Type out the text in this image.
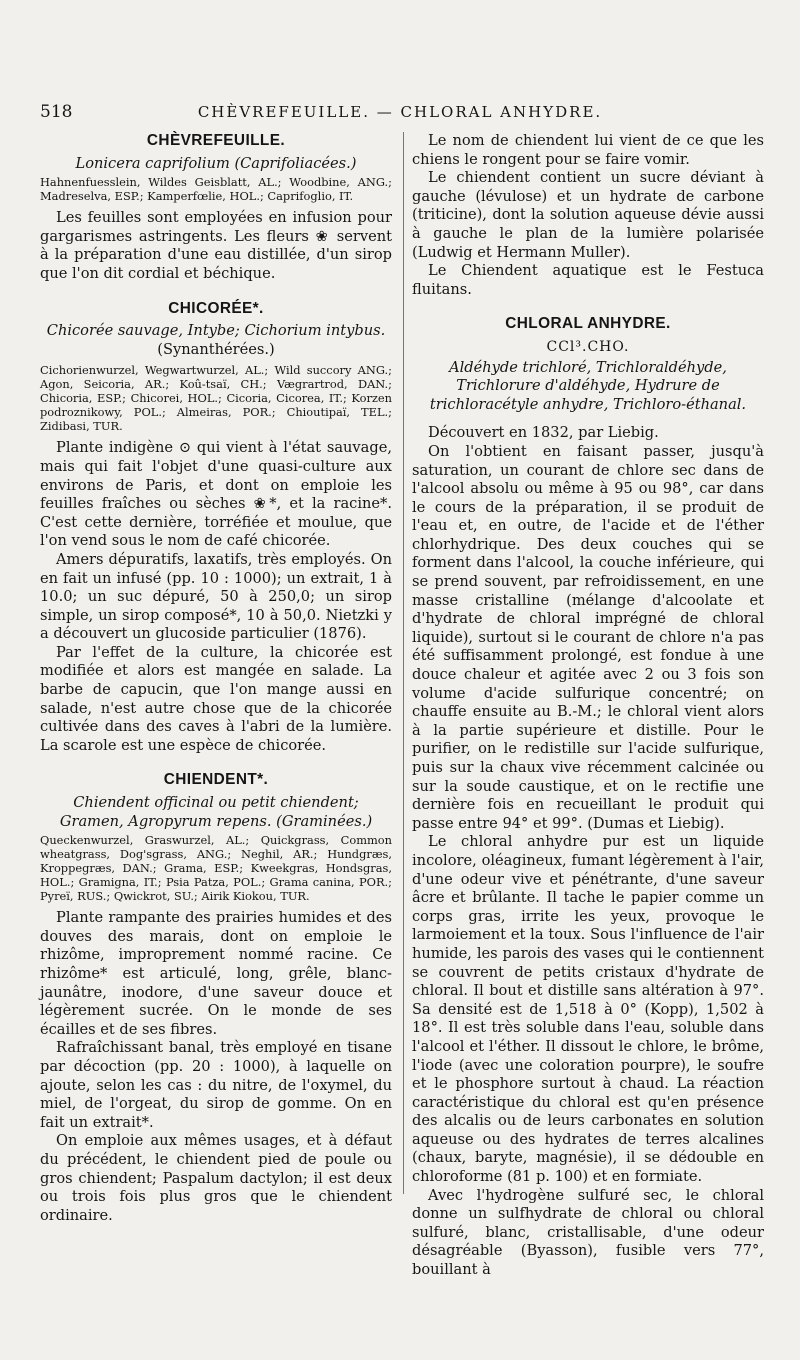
518	CHÈVREFEUILLE. — CHLORAL ANHYDRE.
CHÈVREFEUILLE.

Lonicera caprifolium (Caprifoliacées.)

Hahnenfuesslein, Wildes Geisblatt, AL.; Woodbine, ANG.; Madreselva, ESP.; Kamperfœlie, HOL.; Caprifoglio, IT.

Les feuilles sont employées en infusion pour gargarismes astringents. Les fleurs ❀ servent à la préparation d'une eau distillée, d'un sirop que l'on dit cordial et béchique.

CHICORÉE*.

Chicorée sauvage, Intybe; Cichorium intybus.

(Synanthérées.)

Cichorienwurzel, Wegwartwurzel, AL.; Wild succory ANG.; Agon, Seicoria, AR.; Koû-tsaï, CH.; Vægrartrod, DAN.; Chicoria, ESP.; Chicorei, HOL.; Cicoria, Cicorea, IT.; Korzen podroznikowy, POL.; Almeiras, POR.; Chioutipaï, TEL.; Zidibasi, TUR.

Plante indigène ⊙ qui vient à l'état sauvage, mais qui fait l'objet d'une quasi-culture aux environs de Paris, et dont on emploie les feuilles fraîches ou sèches ❀*, et la racine*. C'est cette dernière, torréfiée et moulue, que l'on vend sous le nom de café chicorée.

Amers dépuratifs, laxatifs, très employés. On en fait un infusé (pp. 10 : 1000); un extrait, 1 à 10.0; un suc dépuré, 50 à 250,0; un sirop simple, un sirop composé*, 10 à 50,0. Nietzki y a découvert un glucoside particulier (1876).

Par l'effet de la culture, la chicorée est modifiée et alors est mangée en salade. La barbe de capucin, que l'on mange aussi en salade, n'est autre chose que de la chicorée cultivée dans des caves à l'abri de la lumière. La scarole est une espèce de chicorée.

CHIENDENT*.

Chiendent officinal ou petit chiendent; Gramen, Agropyrum repens. (Graminées.)

Queckenwurzel, Graswurzel, AL.; Quickgrass, Common wheatgrass, Dog'sgrass, ANG.; Neghil, AR.; Hundgræs, Kroppegræs, DAN.; Grama, ESP.; Kweekgras, Hondsgras, HOL.; Gramigna, IT.; Psia Patza, POL.; Grama canina, POR.; Pyreï, RUS.; Qwickrot, SU.; Airik Kiokou, TUR.

Plante rampante des prairies humides et des douves des marais, dont on emploie le rhizôme, improprement nommé racine. Ce rhizôme* est articulé, long, grêle, blanc-jaunâtre, inodore, d'une saveur douce et légèrement sucrée. On le monde de ses écailles et de ses fibres.

Rafraîchissant banal, très employé en tisane par décoction (pp. 20 : 1000), à laquelle on ajoute, selon les cas : du nitre, de l'oxymel, du miel, de l'orgeat, du sirop de gomme. On en fait un extrait*.

On emploie aux mêmes usages, et à défaut du précédent, le chiendent pied de poule ou gros chiendent; Paspalum dactylon; il est deux ou trois fois plus gros que le chiendent ordinaire.

Le nom de chiendent lui vient de ce que les chiens le rongent pour se faire vomir.

Le chiendent contient un sucre déviant à gauche (lévulose) et un hydrate de carbone (triticine), dont la solution aqueuse dévie aussi à gauche le plan de la lumière polarisée (Ludwig et Hermann Muller).

Le Chiendent aquatique est le Festuca fluitans.

CHLORAL ANHYDRE.

CCl³.CHO.

Aldéhyde trichloré, Trichloraldéhyde, Trichlorure d'aldéhyde, Hydrure de trichloracétyle anhydre, Trichloro-éthanal.

Découvert en 1832, par Liebig.

On l'obtient en faisant passer, jusqu'à saturation, un courant de chlore sec dans de l'alcool absolu ou même à 95 ou 98°, car dans le cours de la préparation, il se produit de l'eau et, en outre, de l'acide et de l'éther chlorhydrique. Des deux couches qui se forment dans l'alcool, la couche inférieure, qui se prend souvent, par refroidissement, en une masse cristalline (mélange d'alcoolate et d'hydrate de chloral imprégné de chloral liquide), surtout si le courant de chlore n'a pas été suffisamment prolongé, est fondue à une douce chaleur et agitée avec 2 ou 3 fois son volume d'acide sulfurique concentré; on chauffe ensuite au B.-M.; le chloral vient alors à la partie supérieure et distille. Pour le purifier, on le redistille sur l'acide sulfurique, puis sur la chaux vive récemment calcinée ou sur la soude caustique, et on le rectifie une dernière fois en recueillant le produit qui passe entre 94° et 99°. (Dumas et Liebig).

Le chloral anhydre pur est un liquide incolore, oléagineux, fumant légèrement à l'air, d'une odeur vive et pénétrante, d'une saveur âcre et brûlante. Il tache le papier comme un corps gras, irrite les yeux, provoque le larmoiement et la toux. Sous l'influence de l'air humide, les parois des vases qui le contiennent se couvrent de petits cristaux d'hydrate de chloral. Il bout et distille sans altération à 97°. Sa densité est de 1,518 à 0° (Kopp), 1,502 à 18°. Il est très soluble dans l'eau, soluble dans l'alcool et l'éther. Il dissout le chlore, le brôme, l'iode (avec une coloration pourpre), le soufre et le phosphore surtout à chaud. La réaction caractéristique du chloral est qu'en présence des alcalis ou de leurs carbonates en solution aqueuse ou des hydrates de terres alcalines (chaux, baryte, magnésie), il se dédouble en chloroforme (81 p. 100) et en formiate.

Avec l'hydrogène sulfuré sec, le chloral donne un sulfhydrate de chloral ou chloral sulfuré, blanc, cristallisable, d'une odeur désagréable (Byasson), fusible vers 77°, bouillant à
